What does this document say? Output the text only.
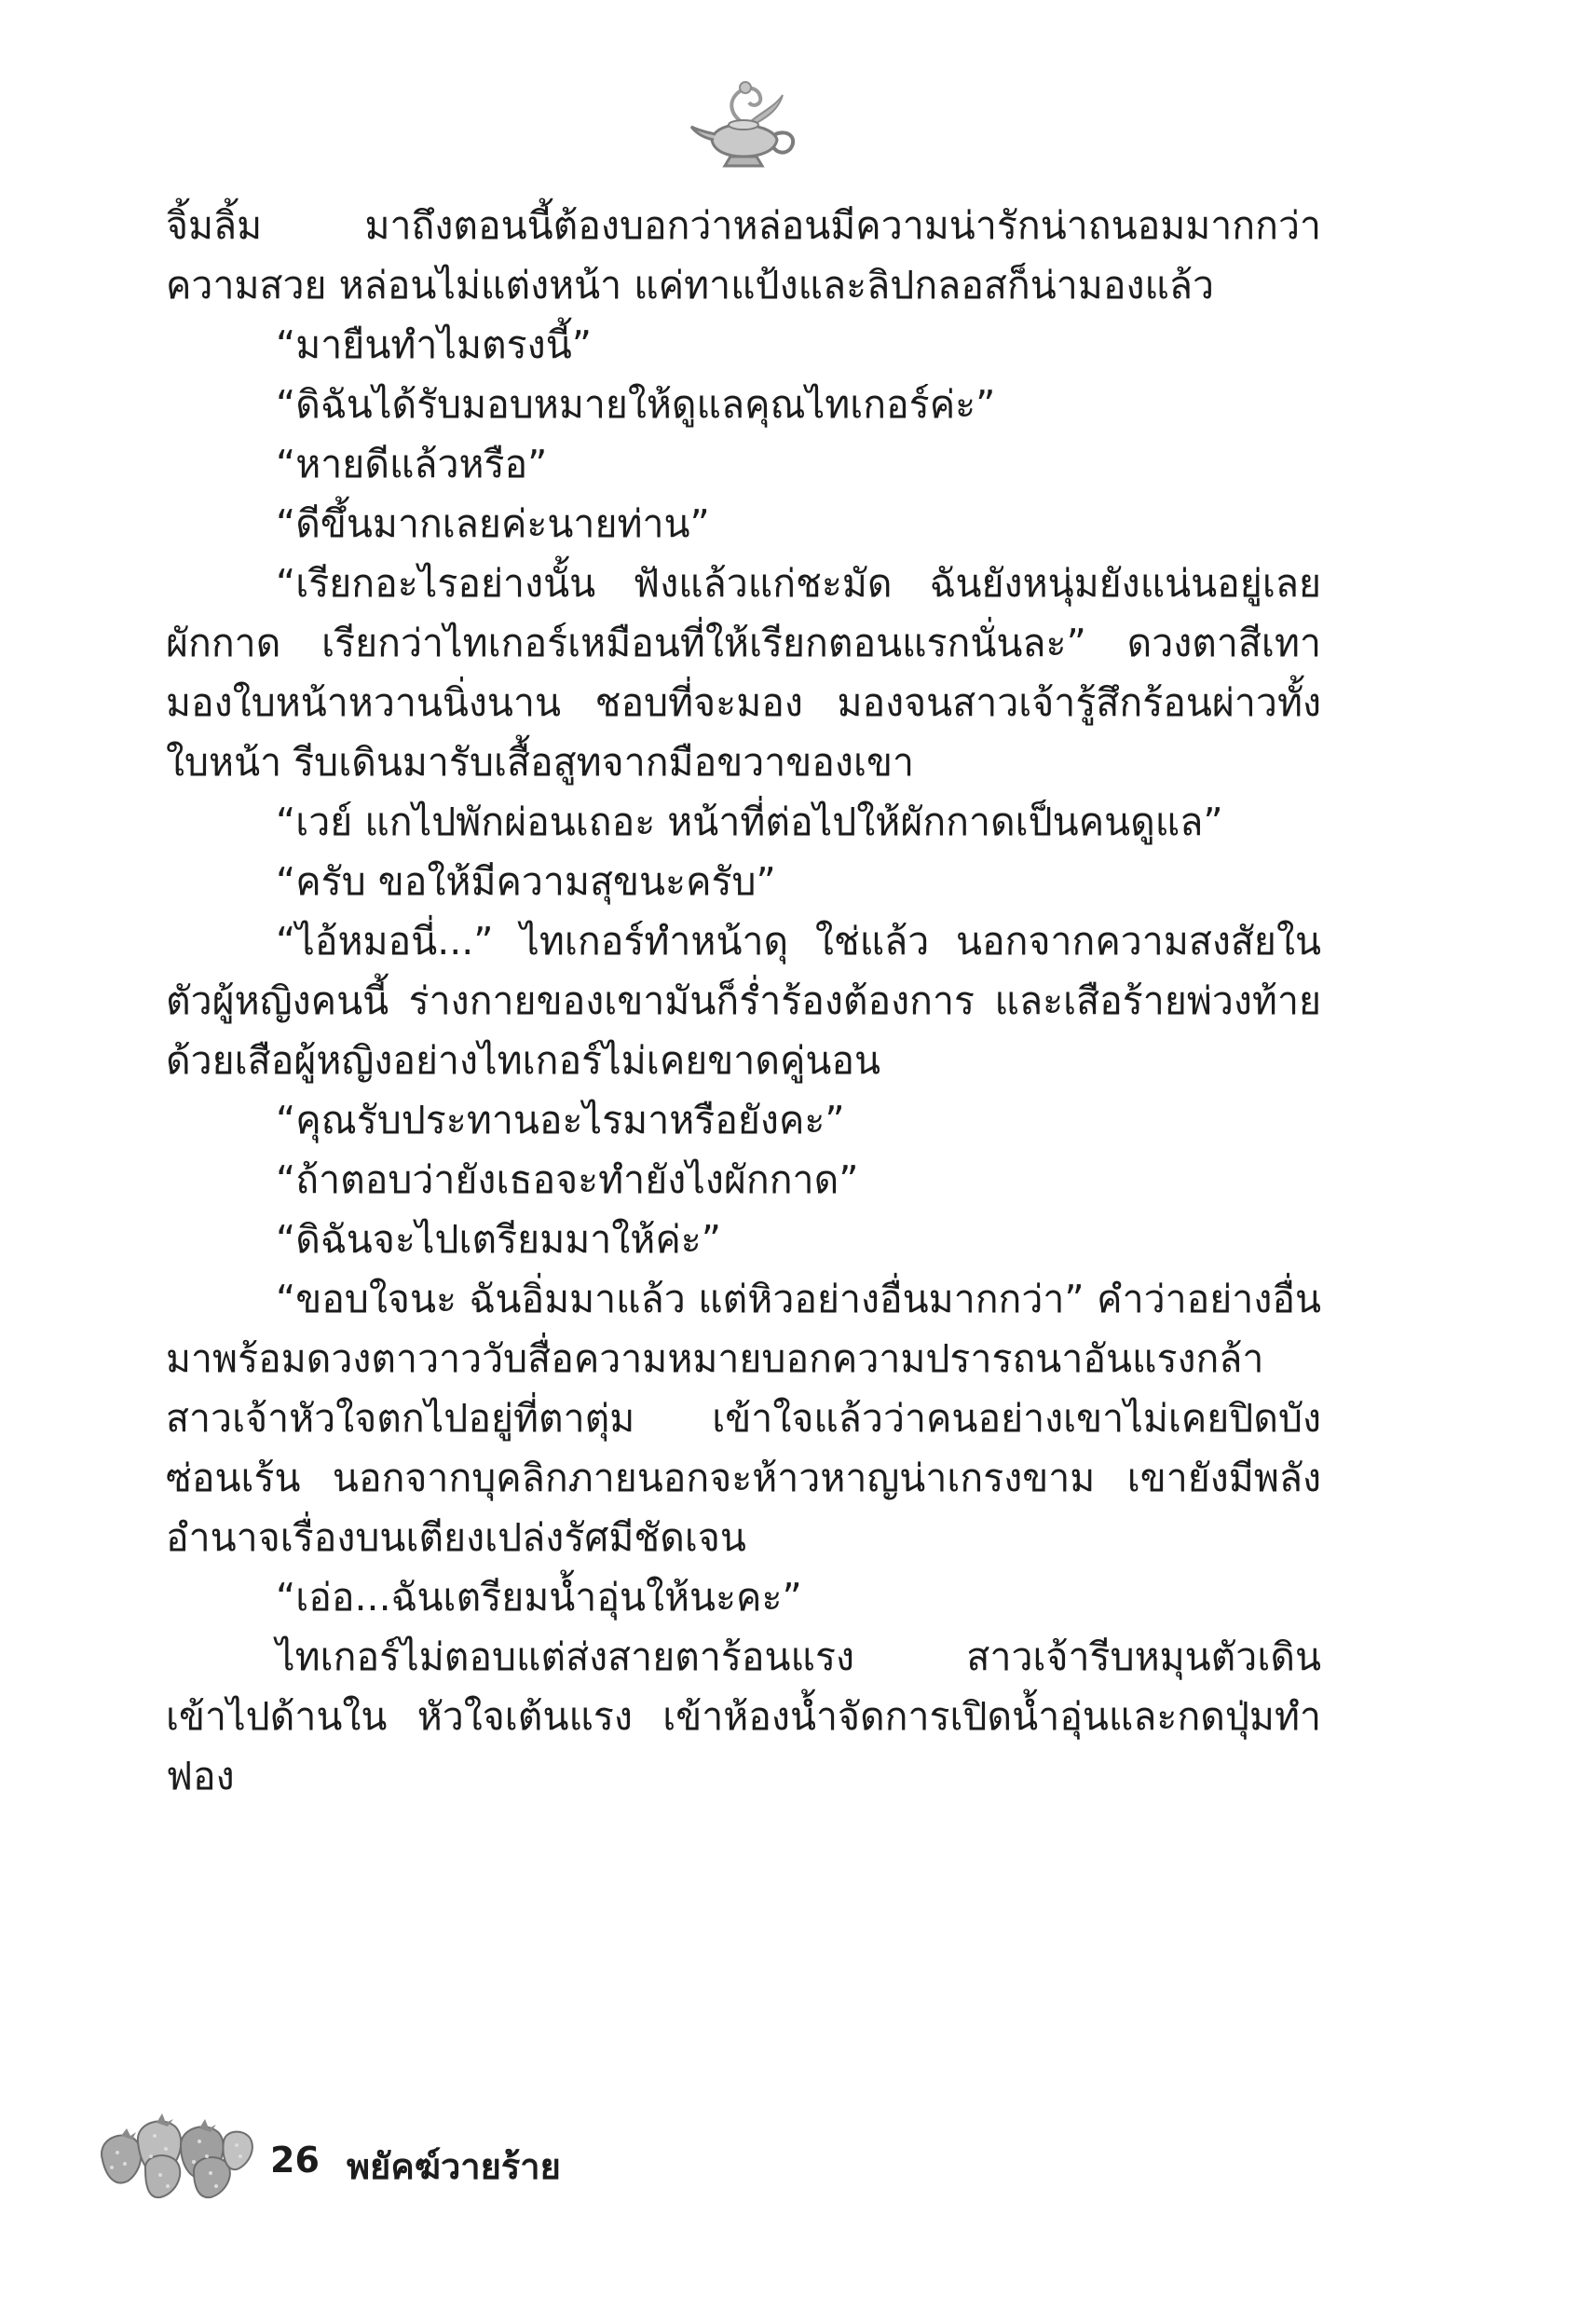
จิ้มลิ้ม มาถึงตอนนี้ต้องบอกว่าหล่อนมีความน่ารักน่าถนอมมากกว่าความสวย หล่อนไม่แต่งหน้า แค่ทาแป้งและลิปกลอสก็น่ามองแล้ว

“มายืนทำไมตรงนี้”

“ดิฉันได้รับมอบหมายให้ดูแลคุณไทเกอร์ค่ะ”

“หายดีแล้วหรือ”

“ดีขึ้นมากเลยค่ะนายท่าน”

“เรียกอะไรอย่างนั้น ฟังแล้วแก่ชะมัด ฉันยังหนุ่มยังแน่นอยู่เลย ผักกาด เรียกว่าไทเกอร์เหมือนที่ให้เรียกตอนแรกนั่นละ” ดวงตาสีเทามองใบหน้าหวานนิ่งนาน ชอบที่จะมอง มองจนสาวเจ้ารู้สึกร้อนผ่าวทั้งใบหน้า รีบเดินมารับเสื้อสูทจากมือขวาของเขา

“เวย์ แกไปพักผ่อนเถอะ หน้าที่ต่อไปให้ผักกาดเป็นคนดูแล”

“ครับ ขอให้มีความสุขนะครับ”

“ไอ้หมอนี่...” ไทเกอร์ทำหน้าดุ ใช่แล้ว นอกจากความสงสัยในตัวผู้หญิงคนนี้ ร่างกายของเขามันก็ร่ำร้องต้องการ และเสือร้ายพ่วงท้ายด้วยเสือผู้หญิงอย่างไทเกอร์ไม่เคยขาดคู่นอน

“คุณรับประทานอะไรมาหรือยังคะ”

“ถ้าตอบว่ายังเธอจะทำยังไงผักกาด”

“ดิฉันจะไปเตรียมมาให้ค่ะ”

“ขอบใจนะ ฉันอิ่มมาแล้ว แต่หิวอย่างอื่นมากกว่า” คำว่าอย่างอื่นมาพร้อมดวงตาวาววับสื่อความหมายบอกความปรารถนาอันแรงกล้า สาวเจ้าหัวใจตกไปอยู่ที่ตาตุ่ม เข้าใจแล้วว่าคนอย่างเขาไม่เคยปิดบังซ่อนเร้น นอกจากบุคลิกภายนอกจะห้าวหาญน่าเกรงขาม เขายังมีพลังอำนาจเรื่องบนเตียงเปล่งรัศมีชัดเจน

“เอ่อ...ฉันเตรียมน้ำอุ่นให้นะคะ”

ไทเกอร์ไม่ตอบแต่ส่งสายตาร้อนแรง สาวเจ้ารีบหมุนตัวเดินเข้าไปด้านใน หัวใจเต้นแรง เข้าห้องน้ำจัดการเปิดน้ำอุ่นและกดปุ่มทำฟอง

26 พยัคฆ์วายร้าย
